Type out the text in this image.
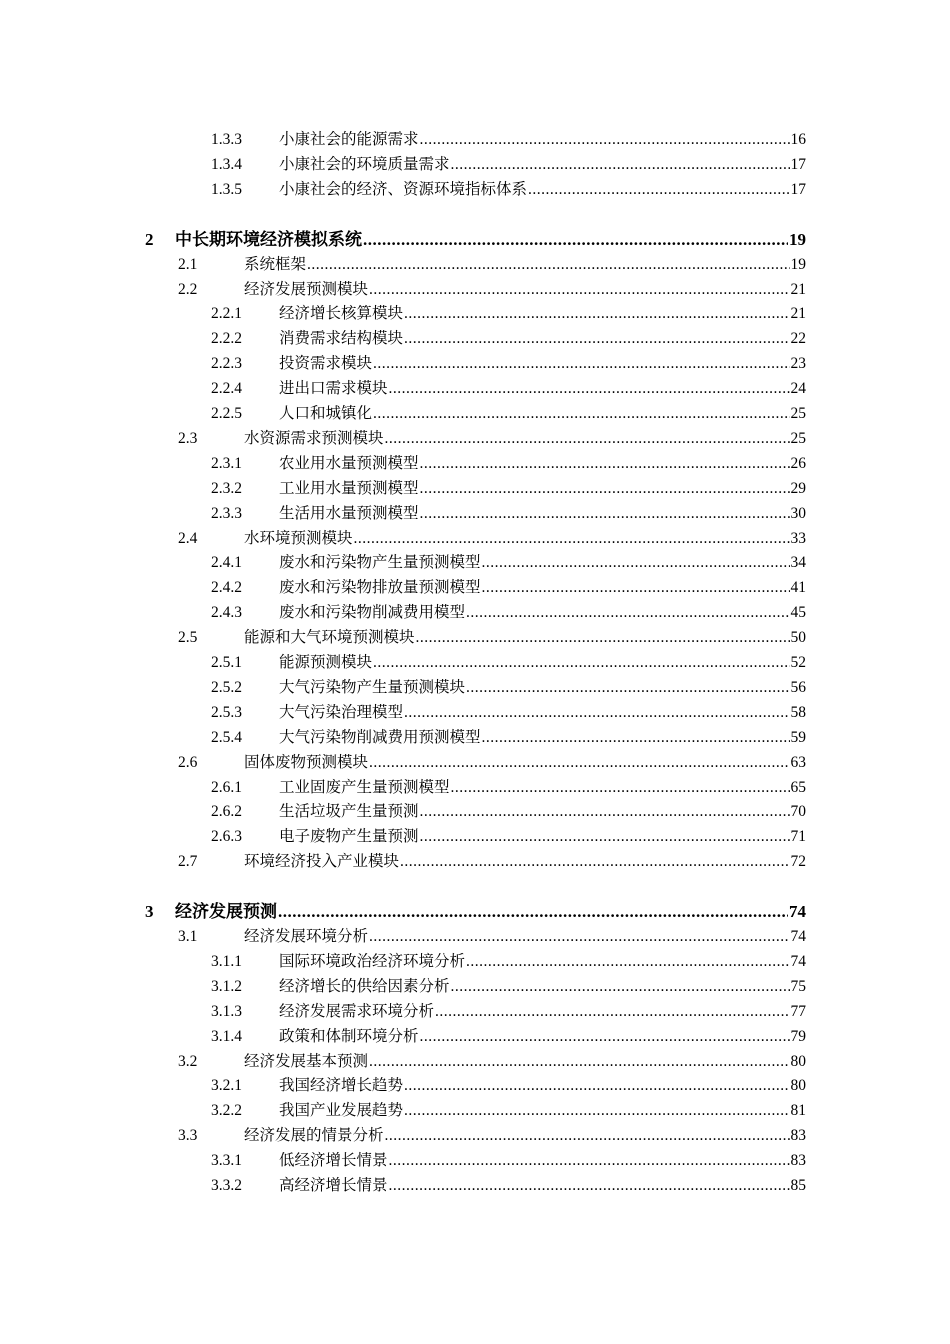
1.3.3	小康社会的能源需求 .....	16
1.3.4	小康社会的环境质量需求 .....	17
1.3.5	小康社会的经济、资源环境指标体系 .....	17
2	中长期环境经济模拟系统 .....	19
2.1	系统框架 .....	19
2.2	经济发展预测模块 .....	21
2.2.1	经济增长核算模块 .....	21
2.2.2	消费需求结构模块 .....	22
2.2.3	投资需求模块 .....	23
2.2.4	进出口需求模块 .....	24
2.2.5	人口和城镇化 .....	25
2.3	水资源需求预测模块 .....	25
2.3.1	农业用水量预测模型 .....	26
2.3.2	工业用水量预测模型 .....	29
2.3.3	生活用水量预测模型 .....	30
2.4	水环境预测模块 .....	33
2.4.1	废水和污染物产生量预测模型 .....	34
2.4.2	废水和污染物排放量预测模型 .....	41
2.4.3	废水和污染物削减费用模型 .....	45
2.5	能源和大气环境预测模块 .....	50
2.5.1	能源预测模块 .....	52
2.5.2	大气污染物产生量预测模块 .....	56
2.5.3	大气污染治理模型 .....	58
2.5.4	大气污染物削减费用预测模型 .....	59
2.6	固体废物预测模块 .....	63
2.6.1	工业固废产生量预测模型 .....	65
2.6.2	生活垃圾产生量预测 .....	70
2.6.3	电子废物产生量预测 .....	71
2.7	环境经济投入产业模块 .....	72
3	经济发展预测 .....	74
3.1	经济发展环境分析 .....	74
3.1.1	国际环境政治经济环境分析 .....	74
3.1.2	经济增长的供给因素分析 .....	75
3.1.3	经济发展需求环境分析 .....	77
3.1.4	政策和体制环境分析 .....	79
3.2	经济发展基本预测 .....	80
3.2.1	我国经济增长趋势 .....	80
3.2.2	我国产业发展趋势 .....	81
3.3	经济发展的情景分析 .....	83
3.3.1	低经济增长情景 .....	83
3.3.2	高经济增长情景 .....	85
